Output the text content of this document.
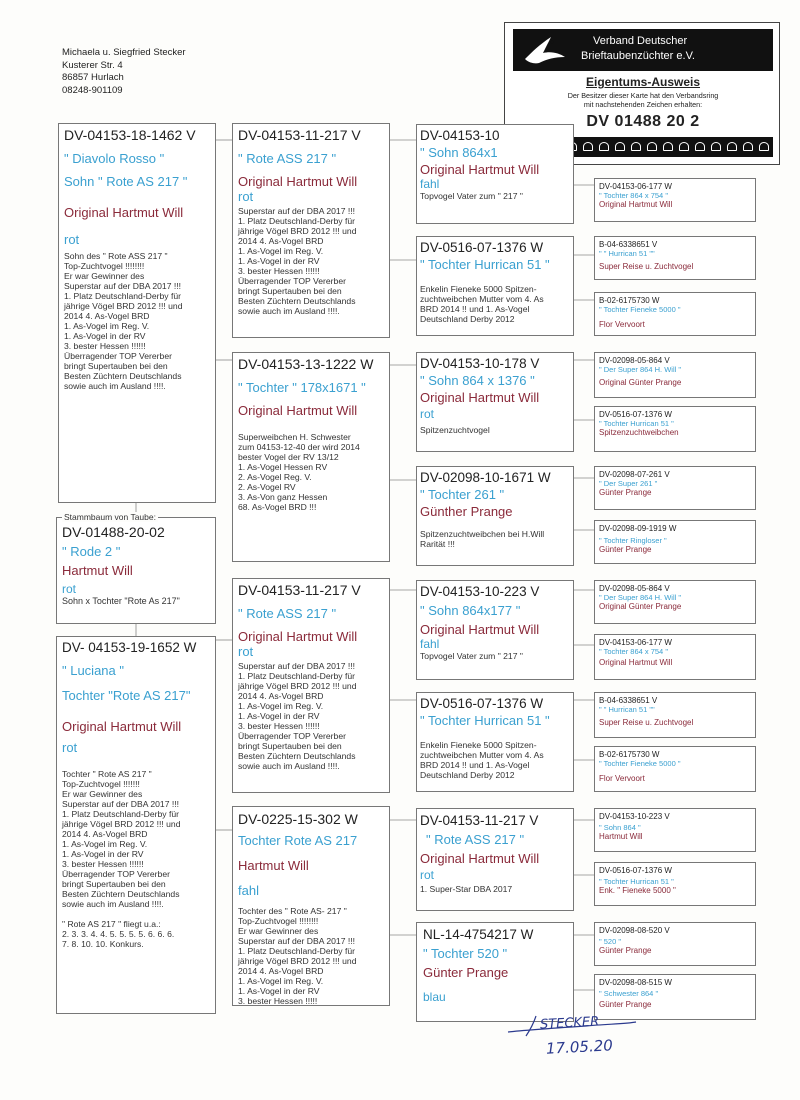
Michaela u. Siegfried Stecker
Kusterer Str. 4
86857 Hurlach
08248-901109
Verband Deutscher
Brieftaubenzüchter e.V.
Eigentums-Ausweis
Der Besitzer dieser Karte hat den Verbandsring
mit nachstehenden Zeichen erhalten:
DV 01488 20 2
DV-04153-18-1462 V
" Diavolo Rosso "
Sohn " Rote AS 217 "
Original Hartmut Will
rot
Sohn des " Rote ASS 217 "
Top-Zuchtvogel !!!!!!!!
Er war Gewinner des
Superstar auf der DBA 2017 !!!
1. Platz Deutschland-Derby für
jährige Vögel BRD 2012 !!! und
2014 4. As-Vogel BRD
1. As-Vogel im Reg. V.
1. As-Vogel in der RV
3. bester Hessen !!!!!!
Überragender TOP Vererber
bringt Supertauben bei den
Besten Züchtern Deutschlands
sowie auch im Ausland !!!!.
Stammbaum von Taube:
DV-01488-20-02
" Rode 2 "
Hartmut Will
rot
Sohn x Tochter "Rote As 217"
DV- 04153-19-1652 W
" Luciana "
Tochter "Rote AS 217"
Original Hartmut Will
rot
Tochter " Rote AS 217 "
Top-Zuchtvogel !!!!!!!
Er war Gewinner des
Superstar auf der DBA 2017 !!!
1. Platz Deutschland-Derby für
jährige Vögel BRD 2012 !!! und
2014 4. As-Vogel BRD
1. As-Vogel im Reg. V.
1. As-Vogel in der RV
3. bester Hessen !!!!!!
Überragender TOP Vererber
bringt Supertauben bei den
Besten Züchtern Deutschlands
sowie auch im Ausland !!!!.

" Rote AS 217 " fliegt u.a.:
2. 3. 3. 4. 4. 5. 5. 5. 5. 6. 6. 6.
7. 8. 10. 10. Konkurs.
DV-04153-11-217 V
" Rote ASS 217 "
Original Hartmut Will
rot
Superstar auf der DBA 2017 !!!
1. Platz Deutschland-Derby für
jährige Vögel BRD 2012 !!! und
2014 4. As-Vogel BRD
1. As-Vogel im Reg. V.
1. As-Vogel in der RV
3. bester Hessen !!!!!!
Überragender TOP Vererber
bringt Supertauben bei den
Besten Züchtern Deutschlands
sowie auch im Ausland !!!!.
DV-04153-13-1222 W
" Tochter " 178x1671 "
Original Hartmut Will
Superweibchen H. Schwester
zum 04153-12-40 der wird 2014
bester Vogel der RV 13/12
1. As-Vogel Hessen RV
2. As-Vogel Reg. V.
2. As-Vogel RV
3. As-Von ganz Hessen
68. As-Vogel BRD !!!
DV-04153-11-217 V
" Rote ASS 217 "
Original Hartmut Will
rot
Superstar auf der DBA 2017 !!!
1. Platz Deutschland-Derby für
jährige Vögel BRD 2012 !!! und
2014 4. As-Vogel BRD
1. As-Vogel im Reg. V.
1. As-Vogel in der RV
3. bester Hessen !!!!!!
Überragender TOP Vererber
bringt Supertauben bei den
Besten Züchtern Deutschlands
sowie auch im Ausland !!!!.
DV-0225-15-302 W
Tochter Rote AS 217
Hartmut Will
fahl
Tochter des " Rote AS- 217 "
Top-Zuchtvogel !!!!!!!!
Er war Gewinner des
Superstar auf der DBA 2017 !!!
1. Platz Deutschland-Derby für
jährige Vögel BRD 2012 !!! und
2014 4. As-Vogel BRD
1. As-Vogel im Reg. V.
1. As-Vogel in der RV
3. bester Hessen !!!!!
DV-04153-10
" Sohn 864x1
Original Hartmut Will
fahl
Topvogel Vater zum " 217 "
DV-0516-07-1376 W
" Tochter Hurrican 51 "
Enkelin Fieneke 5000 Spitzen-
zuchtweibchen Mutter vom 4. As
BRD 2014 !! und 1. As-Vogel
Deutschland Derby 2012
DV-04153-10-178 V
" Sohn 864 x 1376 "
Original Hartmut Will
rot
Spitzenzuchtvogel
DV-02098-10-1671 W
" Tochter 261 "
Günther Prange
Spitzenzuchtweibchen bei H.Will
Rarität !!!
DV-04153-10-223 V
" Sohn 864x177 "
Original Hartmut Will
fahl
Topvogel Vater zum " 217 "
DV-0516-07-1376 W
" Tochter Hurrican 51 "
Enkelin Fieneke 5000 Spitzen-
zuchtweibchen Mutter vom 4. As
BRD 2014 !! und 1. As-Vogel
Deutschland Derby 2012
DV-04153-11-217 V
" Rote ASS 217 "
Original Hartmut Will
rot
1. Super-Star DBA 2017
NL-14-4754217 W
" Tochter 520 "
Günter Prange
blau
DV-04153-06-177 W
" Tochter 864 x 754 "
Original Hartmut Will
B-04-6338651 V
" " Hurrican 51 ""
Super Reise u. Zuchtvogel
B-02-6175730 W
" Tochter Fieneke 5000 "
Flor Vervoort
DV-02098-05-864 V
" Der Super 864 H. Will "
Original Günter Prange
DV-0516-07-1376 W
" Tochter Hurrican 51 "
Spitzenzuchtweibchen
DV-02098-07-261 V
" Der Super 261 "
Günter Prange
DV-02098-09-1919 W
" Tochter Ringloser "
Günter Prange
DV-02098-05-864 V
" Der Super 864 H. Will "
Original Günter Prange
DV-04153-06-177 W
" Tochter 864 x 754 "
Original Hartmut Will
B-04-6338651 V
" " Hurrican 51 ""
Super Reise u. Zuchtvogel
B-02-6175730 W
" Tochter Fieneke 5000 "
Flor Vervoort
DV-04153-10-223 V
" Sohn 864 "
Hartmut Will
DV-0516-07-1376 W
" Tochter Hurrican 51 "
Enk. " Fieneke 5000 "
DV-02098-08-520 V
" 520 "
Günter Prange
DV-02098-08-515 W
" Schwester 864 "
Günter Prange
STECKER
17.05.20
